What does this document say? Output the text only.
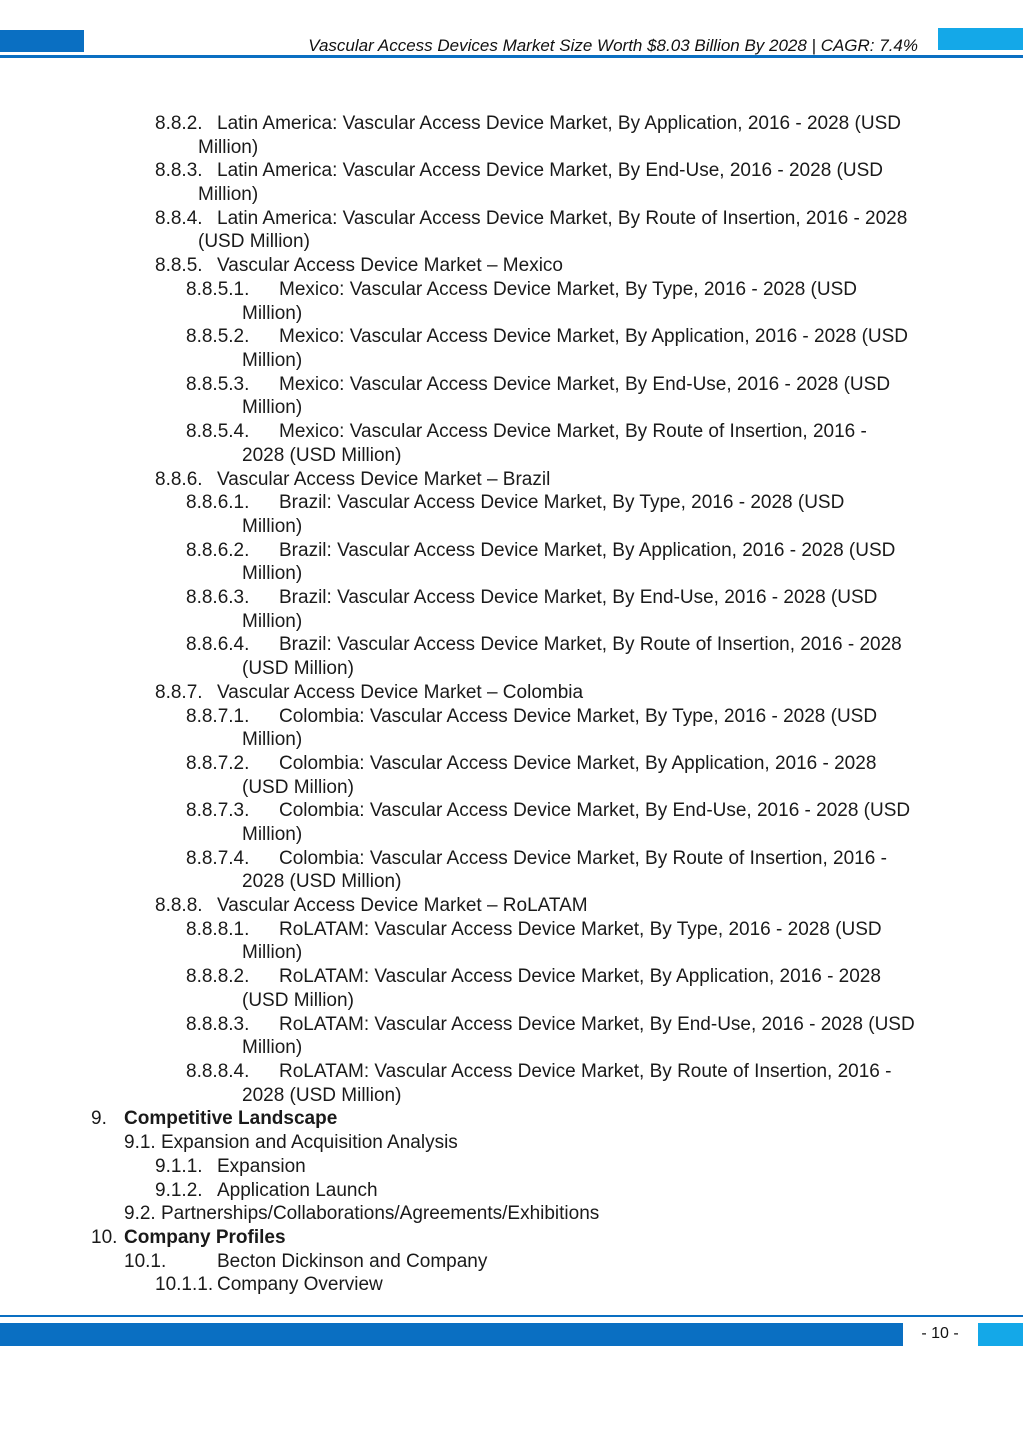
Vascular Access Devices Market Size Worth $8.03 Billion By 2028 | CAGR: 7.4%
8.8.2. Latin America: Vascular Access Device Market, By Application, 2016 - 2028 (USD
Million)
8.8.3. Latin America: Vascular Access Device Market, By End-Use, 2016 - 2028 (USD
Million)
8.8.4. Latin America: Vascular Access Device Market, By Route of Insertion, 2016 - 2028
(USD Million)
8.8.5. Vascular Access Device Market – Mexico
8.8.5.1. Mexico: Vascular Access Device Market, By Type, 2016 - 2028 (USD
Million)
8.8.5.2. Mexico: Vascular Access Device Market, By Application, 2016 - 2028 (USD
Million)
8.8.5.3. Mexico: Vascular Access Device Market, By End-Use, 2016 - 2028 (USD
Million)
8.8.5.4. Mexico: Vascular Access Device Market, By Route of Insertion, 2016 -
2028 (USD Million)
8.8.6. Vascular Access Device Market – Brazil
8.8.6.1. Brazil: Vascular Access Device Market, By Type, 2016 - 2028 (USD
Million)
8.8.6.2. Brazil: Vascular Access Device Market, By Application, 2016 - 2028 (USD
Million)
8.8.6.3. Brazil: Vascular Access Device Market, By End-Use, 2016 - 2028 (USD
Million)
8.8.6.4. Brazil: Vascular Access Device Market, By Route of Insertion, 2016 - 2028
(USD Million)
8.8.7. Vascular Access Device Market – Colombia
8.8.7.1. Colombia: Vascular Access Device Market, By Type, 2016 - 2028 (USD
Million)
8.8.7.2. Colombia: Vascular Access Device Market, By Application, 2016 - 2028
(USD Million)
8.8.7.3. Colombia: Vascular Access Device Market, By End-Use, 2016 - 2028 (USD
Million)
8.8.7.4. Colombia: Vascular Access Device Market, By Route of Insertion, 2016 -
2028 (USD Million)
8.8.8. Vascular Access Device Market – RoLATAM
8.8.8.1. RoLATAM: Vascular Access Device Market, By Type, 2016 - 2028 (USD
Million)
8.8.8.2. RoLATAM: Vascular Access Device Market, By Application, 2016 - 2028
(USD Million)
8.8.8.3. RoLATAM: Vascular Access Device Market, By End-Use, 2016 - 2028 (USD
Million)
8.8.8.4. RoLATAM: Vascular Access Device Market, By Route of Insertion, 2016 -
2028 (USD Million)
9. Competitive Landscape
9.1. Expansion and Acquisition Analysis
9.1.1. Expansion
9.1.2. Application Launch
9.2. Partnerships/Collaborations/Agreements/Exhibitions
10. Company Profiles
10.1.	Becton Dickinson and Company
10.1.1. Company Overview
- 10 -
